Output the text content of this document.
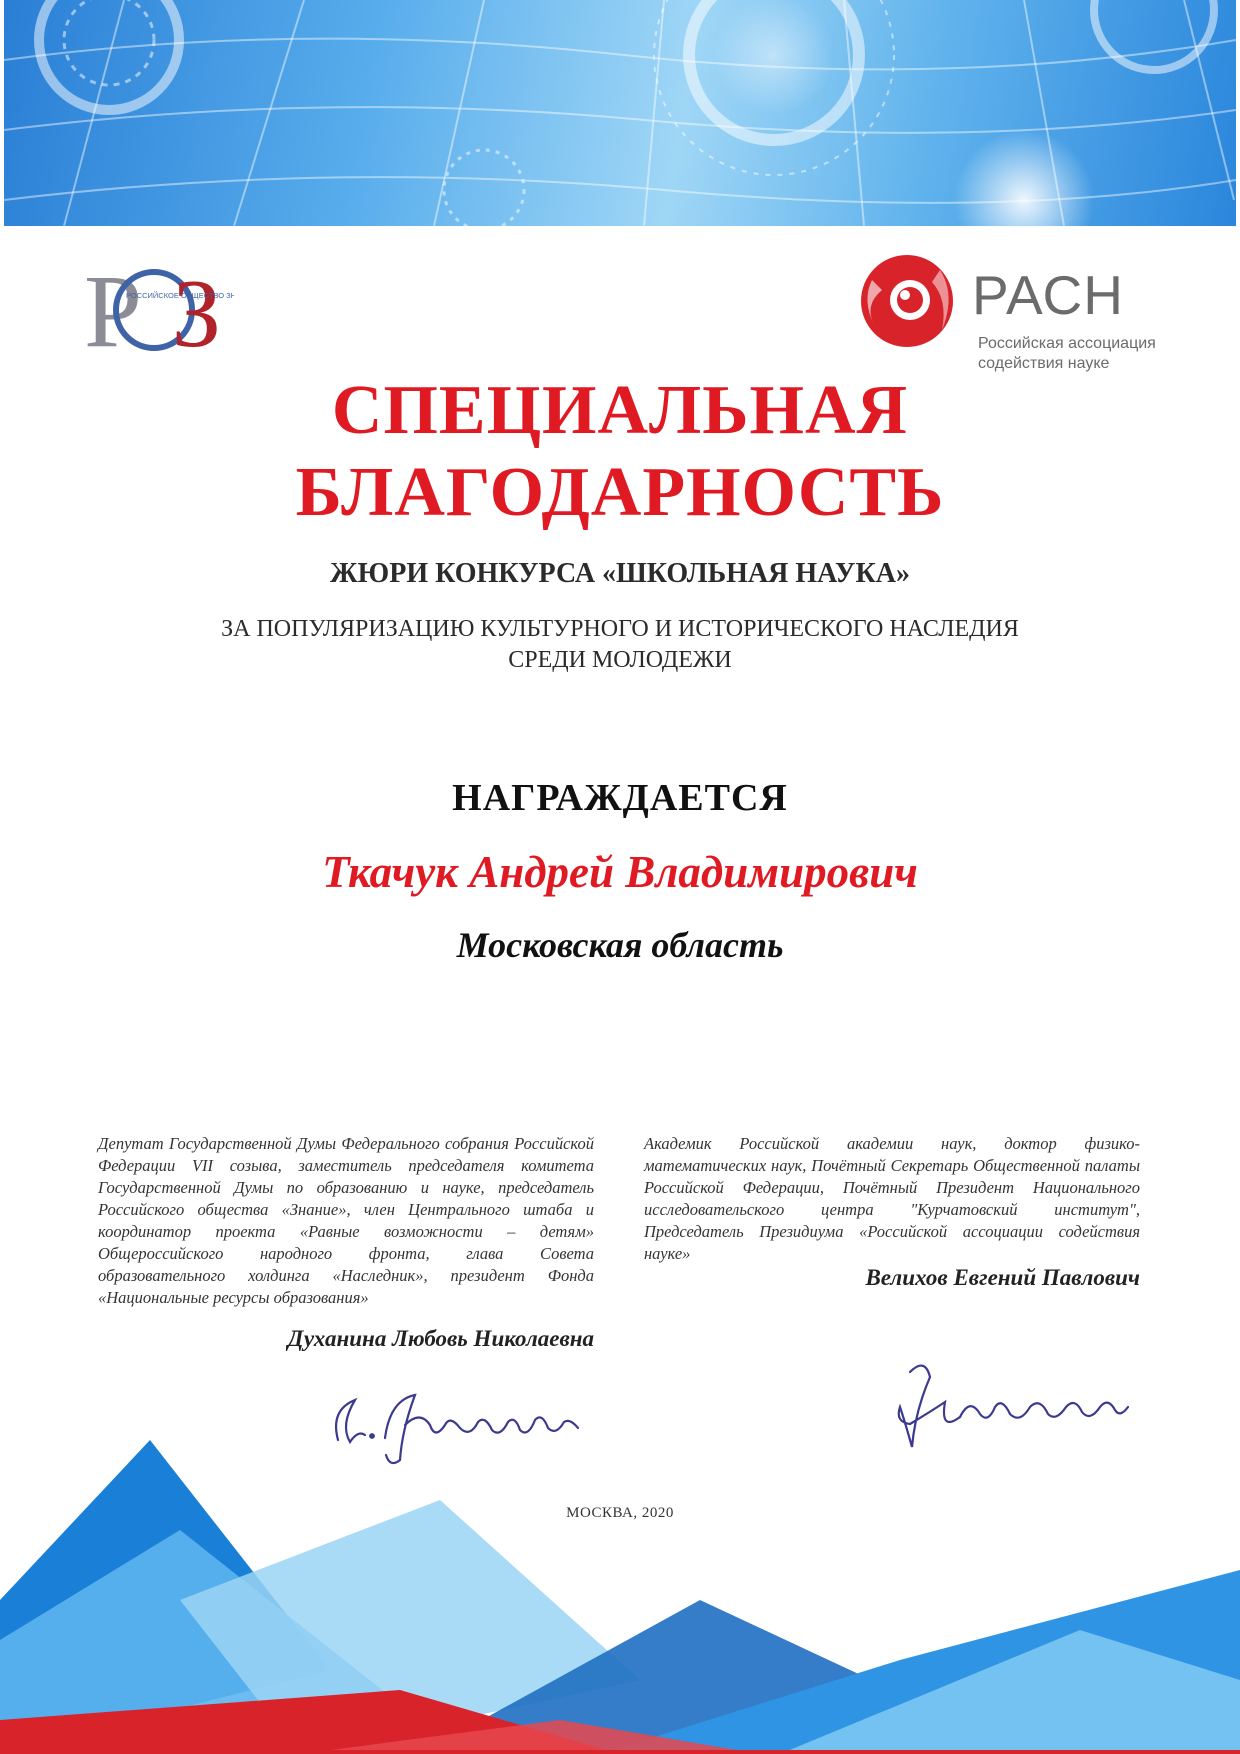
Р З
РОССИЙСКОЕ ОБЩЕСТВО ЗН	РАСН
Российская ассоциация
содействия науке
СПЕЦИАЛЬНАЯ
БЛАГОДАРНОСТЬ
ЖЮРИ КОНКУРСА «ШКОЛЬНАЯ НАУКА»
ЗА ПОПУЛЯРИЗАЦИЮ КУЛЬТУРНОГО И ИСТОРИЧЕСКОГО НАСЛЕДИЯ
СРЕДИ МОЛОДЕЖИ
НАГРАЖДАЕТСЯ
Ткачук Андрей Владимирович
Московская область
Депутат Государственной Думы Федерального собрания Российской Федерации VII созыва, заместитель председателя комитета Государственной Думы по образованию и науке, председатель Российского общества «Знание», член Центрального штаба и координатор проекта «Равные возможности – детям» Общероссийского народного фронта, глава Совета образовательного холдинга «Наследник», президент Фонда «Национальные ресурсы образования»
Духанина Любовь Николаевна
Академик Российской академии наук, доктор физико-математических наук, Почётный Секретарь Общественной палаты Российской Федерации, Почётный Президент Национального исследовательского центра "Курчатовский институт", Председатель Президиума «Российской ассоциации содействия науке»
Велихов Евгений Павлович
МОСКВА, 2020
